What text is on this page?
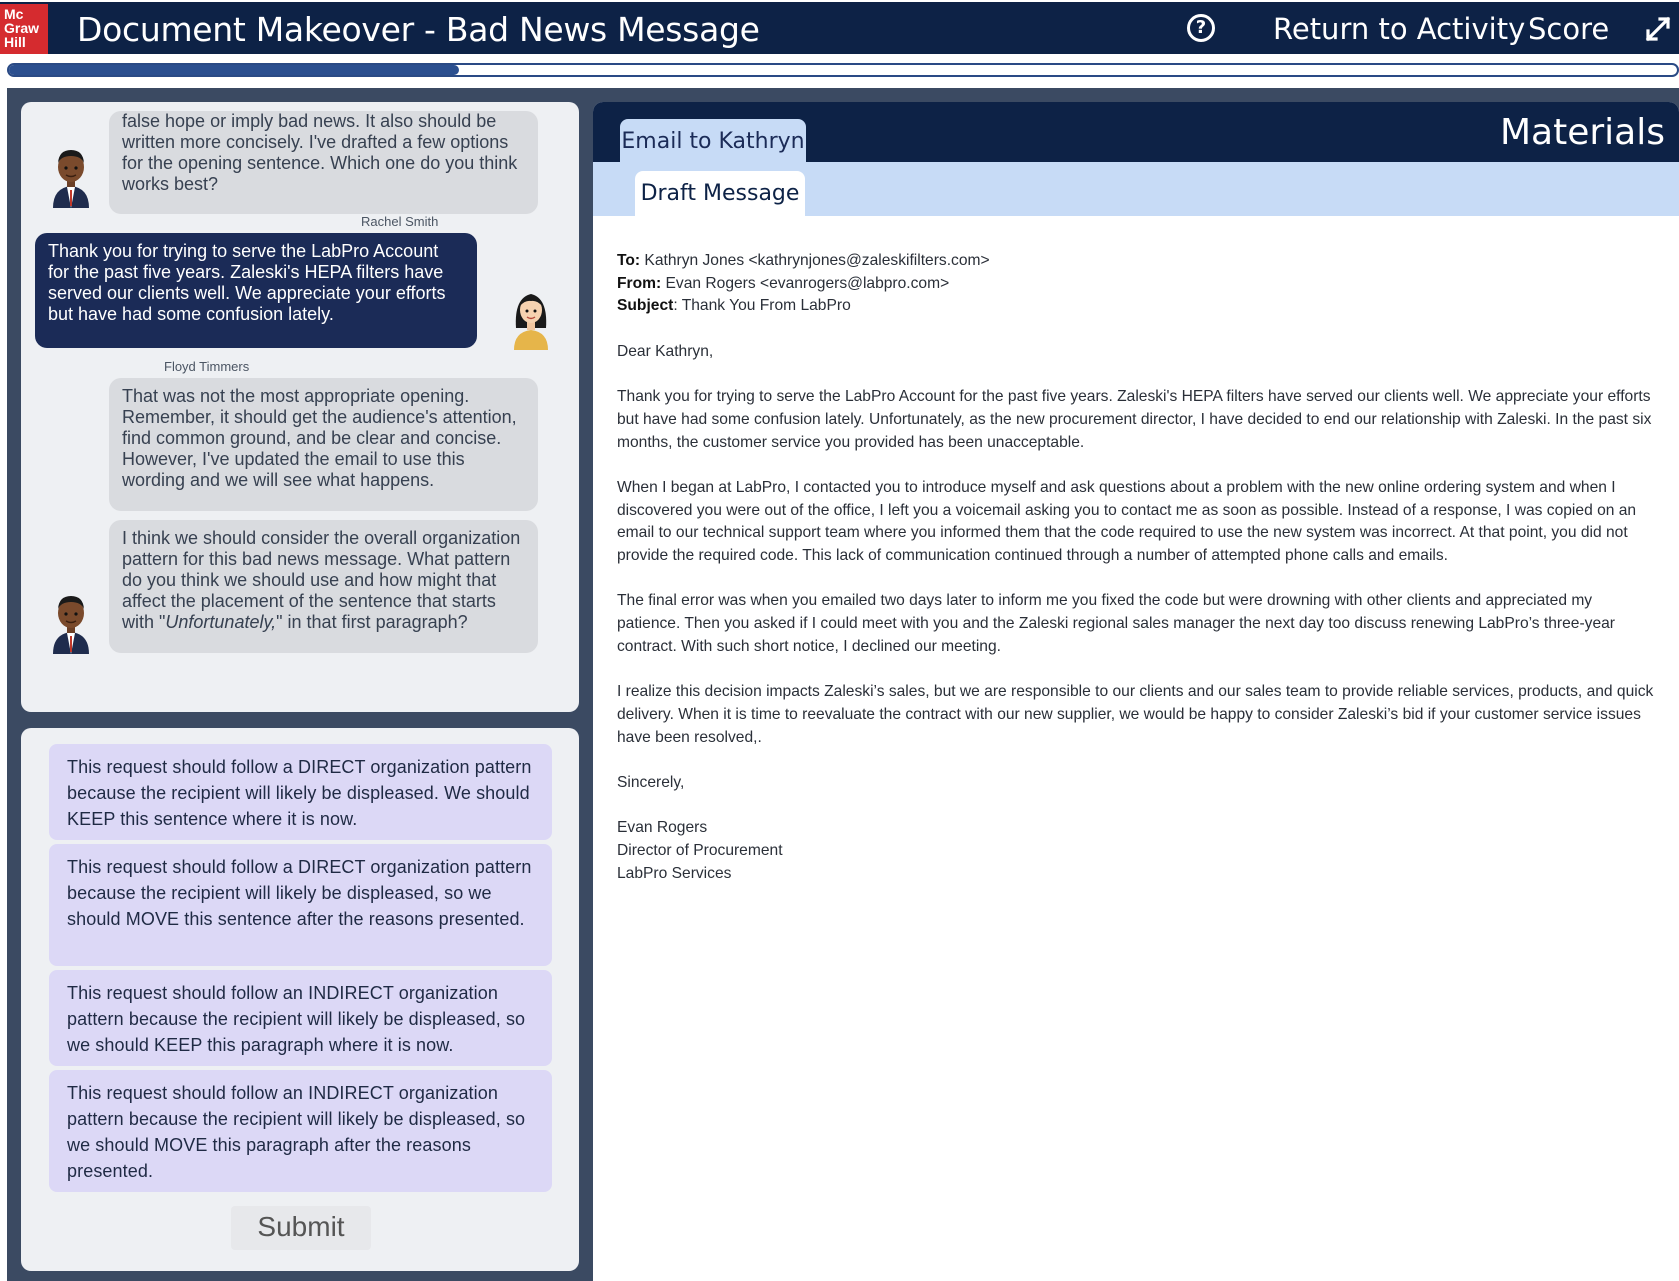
Mc
Graw
Hill	Document Makeover - Bad News Message	?	Return to Activity Score
false hope or imply bad news. It also should be written more concisely. I've drafted a few options for the opening sentence. Which one do you think works best?
Rachel Smith
Thank you for trying to serve the LabPro Account for the past five years. Zaleski's HEPA filters have served our clients well. We appreciate your efforts but have had some confusion lately.
Floyd Timmers
That was not the most appropriate opening. Remember, it should get the audience's attention, find common ground, and be clear and concise. However, I've updated the email to use this wording and we will see what happens.
I think we should consider the overall organization pattern for this bad news message. What pattern do you think we should use and how might that affect the placement of the sentence that starts with "Unfortunately," in that first paragraph?
This request should follow a DIRECT organization pattern because the recipient will likely be displeased. We should KEEP this sentence where it is now.
This request should follow a DIRECT organization pattern because the recipient will likely be displeased, so we should MOVE this sentence after the reasons presented.
This request should follow an INDIRECT organization pattern because the recipient will likely be displeased, so we should KEEP this paragraph where it is now.
This request should follow an INDIRECT organization pattern because the recipient will likely be displeased, so we should MOVE this paragraph after the reasons presented.
Submit
Materials
Email to Kathryn
Draft Message

To: Kathryn Jones <kathrynjones@zaleskifilters.com>
From: Evan Rogers <evanrogers@labpro.com>
Subject: Thank You From LabPro

Dear Kathryn,

Thank you for trying to serve the LabPro Account for the past five years. Zaleski's HEPA filters have served our clients well. We appreciate your efforts but have had some confusion lately. Unfortunately, as the new procurement director, I have decided to end our relationship with Zaleski. In the past six months, the customer service you provided has been unacceptable.

When I began at LabPro, I contacted you to introduce myself and ask questions about a problem with the new online ordering system and when I discovered you were out of the office, I left you a voicemail asking you to contact me as soon as possible. Instead of a response, I was copied on an email to our technical support team where you informed them that the code required to use the new system was incorrect. At that point, you did not provide the required code. This lack of communication continued through a number of attempted phone calls and emails.

The final error was when you emailed two days later to inform me you fixed the code but were drowning with other clients and appreciated my patience. Then you asked if I could meet with you and the Zaleski regional sales manager the next day too discuss renewing LabPro’s three-year contract. With such short notice, I declined our meeting.

I realize this decision impacts Zaleski’s sales, but we are responsible to our clients and our sales team to provide reliable services, products, and quick delivery. When it is time to reevaluate the contract with our new supplier, we would be happy to consider Zaleski’s bid if your customer service issues have been resolved,.

Sincerely,

Evan Rogers
Director of Procurement
LabPro Services
